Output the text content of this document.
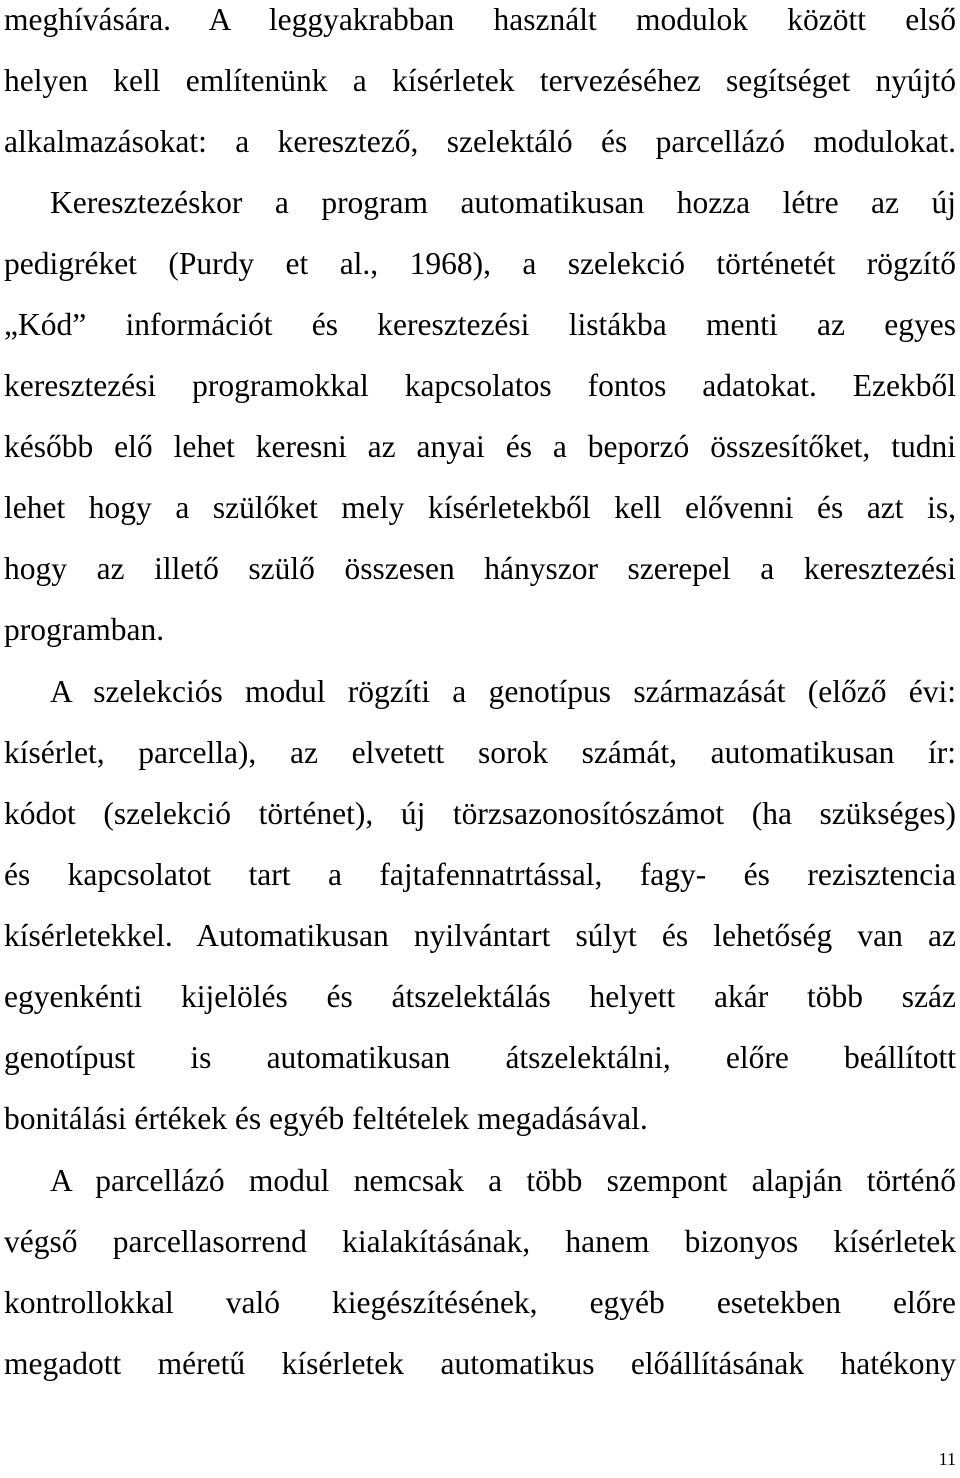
meghívására. A leggyakrabban használt modulok között első
helyen kell említenünk a kísérletek tervezéséhez segítséget nyújtó
alkalmazásokat: a keresztező, szelektáló és parcellázó modulokat.
Keresztezéskor a program automatikusan hozza létre az új
pedigréket (Purdy et al., 1968), a szelekció történetét rögzítő
„Kód” információt és keresztezési listákba menti az egyes
keresztezési programokkal kapcsolatos fontos adatokat. Ezekből
később elő lehet keresni az anyai és a beporzó összesítőket, tudni
lehet hogy a szülőket mely kísérletekből kell elővenni és azt is,
hogy az illető szülő összesen hányszor szerepel a keresztezési
programban.
A szelekciós modul rögzíti a genotípus származását (előző évi:
kísérlet, parcella), az elvetett sorok számát, automatikusan ír:
kódot (szelekció történet), új törzsazonosítószámot (ha szükséges)
és kapcsolatot tart a fajtafennatrtással, fagy- és rezisztencia
kísérletekkel. Automatikusan nyilvántart súlyt és lehetőség van az
egyenkénti kijelölés és átszelektálás helyett akár több száz
genotípust is automatikusan átszelektálni, előre beállított
bonitálási értékek és egyéb feltételek megadásával.
A parcellázó modul nemcsak a több szempont alapján történő
végső parcellasorrend kialakításának, hanem bizonyos kísérletek
kontrollokkal való kiegészítésének, egyéb esetekben előre
megadott méretű kísérletek automatikus előállításának hatékony
11
